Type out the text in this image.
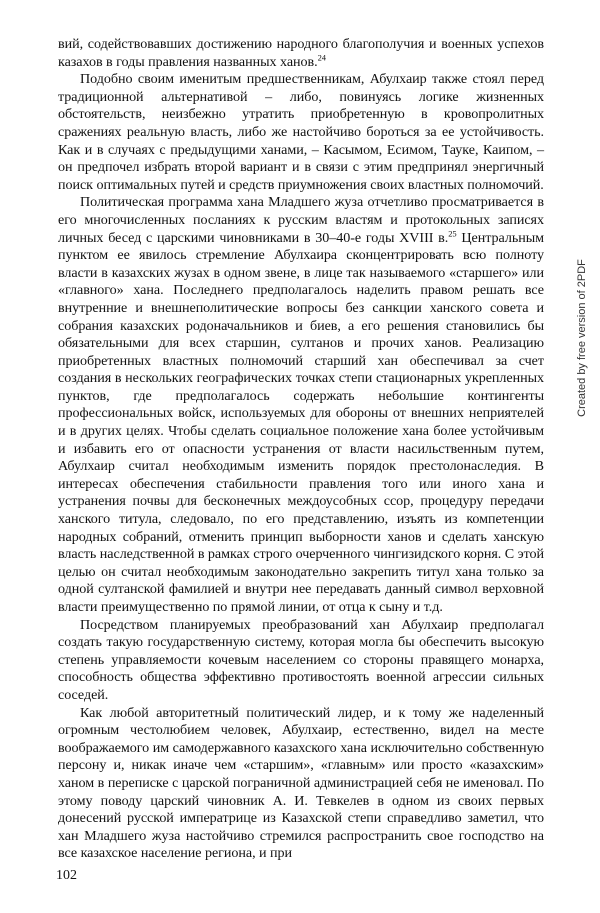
вий, содействовавших достижению народного благополучия и военных успехов казахов в годы правления названных ханов.$^{24}$

Подобно своим именитым предшественникам, Абулхаир также стоял перед традиционной альтернативой – либо, повинуясь логике жизненных обстоятельств, неизбежно утратить приобретенную в кровопролитных сражениях реальную власть, либо же настойчиво бороться за ее устойчивость. Как и в случаях с предыдущими ханами, – Касымом, Есимом, Тауке, Каипом, – он предпочел избрать второй вариант и в связи с этим предпринял энергичный поиск оптимальных путей и средств приумножения своих властных полномочий.

Политическая программа хана Младшего жуза отчетливо просматривается в его многочисленных посланиях к русским властям и протокольных записях личных бесед с царскими чиновниками в 30–40-е годы XVIII в.$^{25}$ Центральным пунктом ее явилось стремление Абулхаира сконцентрировать всю полноту власти в казахских жузах в одном звене, в лице так называемого «старшего» или «главного» хана. Последнего предполагалось наделить правом решать все внутренние и внешнеполитические вопросы без санкции ханского совета и собрания казахских родоначальников и биев, а его решения становились бы обязательными для всех старшин, султанов и прочих ханов. Реализацию приобретенных властных полномочий старший хан обеспечивал за счет создания в нескольких географических точках степи стационарных укрепленных пунктов, где предполагалось содержать небольшие контингенты профессиональных войск, используемых для обороны от внешних неприятелей и в других целях. Чтобы сделать социальное положение хана более устойчивым и избавить его от опасности устранения от власти насильственным путем, Абулхаир считал необходимым изменить порядок престолонаследия. В интересах обеспечения стабильности правления того или иного хана и устранения почвы для бесконечных междоусобных ссор, процедуру передачи ханского титула, следовало, по его представлению, изъять из компетенции народных собраний, отменить принцип выборности ханов и сделать ханскую власть наследственной в рамках строго очерченного чингизидского корня. С этой целью он считал необходимым законодательно закрепить титул хана только за одной султанской фамилией и внутри нее передавать данный символ верховной власти преимущественно по прямой линии, от отца к сыну и т.д.

Посредством планируемых преобразований хан Абулхаир предполагал создать такую государственную систему, которая могла бы обеспечить высокую степень управляемости кочевым населением со стороны правящего монарха, способность общества эффективно противостоять военной агрессии сильных соседей.

Как любой авторитетный политический лидер, и к тому же наделенный огромным честолюбием человек, Абулхаир, естественно, видел на месте воображаемого им самодержавного казахского хана исключительно собственную персону и, никак иначе чем «старшим», «главным» или просто «казахским» ханом в переписке с царской пограничной администрацией себя не именовал. По этому поводу царский чиновник А. И. Тевкелев в одном из своих первых донесений русской императрице из Казахской степи справедливо заметил, что хан Младшего жуза настойчиво стремился распространить свое господство на все казахское население региона, и при

Created by free version of 2PDF
102
